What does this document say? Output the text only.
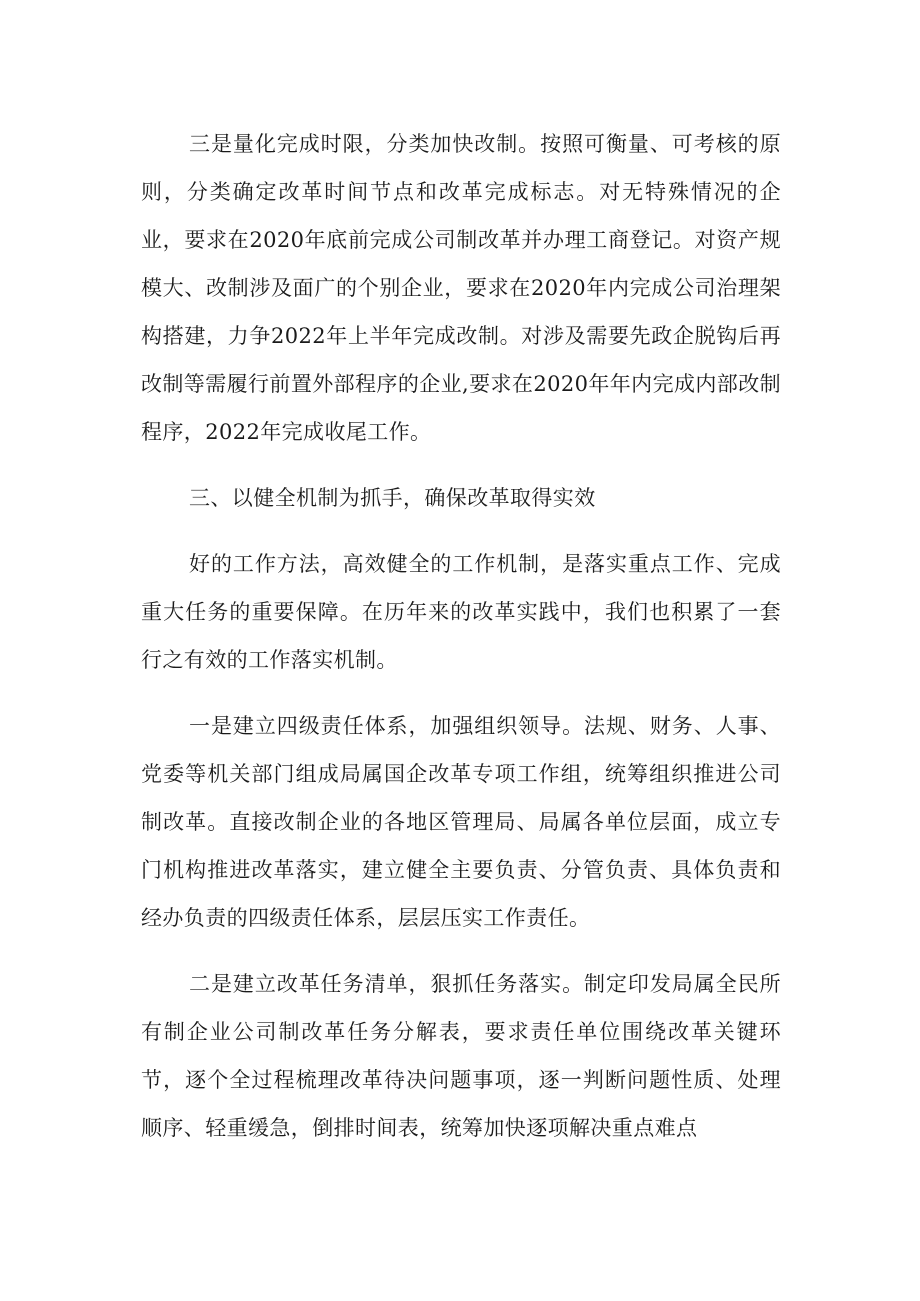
三是量化完成时限，分类加快改制。按照可衡量、可考核的原则，分类确定改革时间节点和改革完成标志。对无特殊情况的企业，要求在2020年底前完成公司制改革并办理工商登记。对资产规模大、改制涉及面广的个别企业，要求在2020年内完成公司治理架构搭建，力争2022年上半年完成改制。对涉及需要先政企脱钩后再改制等需履行前置外部程序的企业,要求在2020年年内完成内部改制程序，2022年完成收尾工作。

三、以健全机制为抓手，确保改革取得实效

好的工作方法，高效健全的工作机制，是落实重点工作、完成重大任务的重要保障。在历年来的改革实践中，我们也积累了一套行之有效的工作落实机制。

一是建立四级责任体系，加强组织领导。法规、财务、人事、党委等机关部门组成局属国企改革专项工作组，统筹组织推进公司制改革。直接改制企业的各地区管理局、局属各单位层面，成立专门机构推进改革落实，建立健全主要负责、分管负责、具体负责和经办负责的四级责任体系，层层压实工作责任。

二是建立改革任务清单，狠抓任务落实。制定印发局属全民所有制企业公司制改革任务分解表，要求责任单位围绕改革关键环节，逐个全过程梳理改革待决问题事项，逐一判断问题性质、处理顺序、轻重缓急，倒排时间表，统筹加快逐项解决重点难点
